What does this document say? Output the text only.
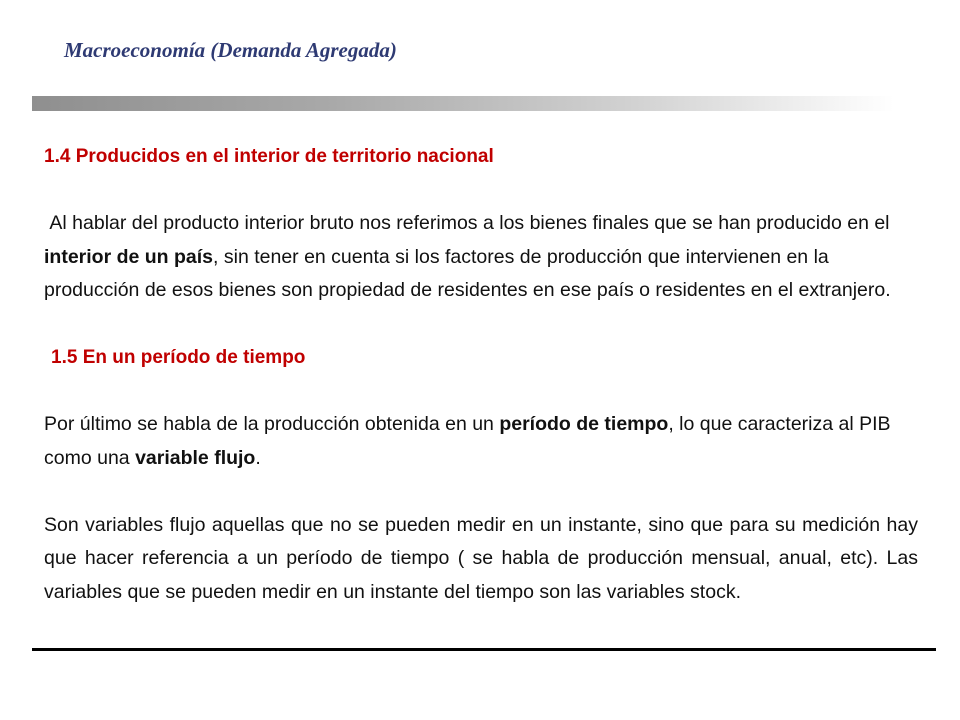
Macroeconomía (Demanda Agregada)
1.4 Producidos en el interior de territorio nacional

Al hablar del producto interior bruto nos referimos a los bienes finales que se han producido en el interior de un país, sin tener en cuenta si los factores de producción que intervienen en la producción de esos bienes son propiedad de residentes en ese país o residentes en el extranjero.

1.5 En un período de tiempo

Por último se habla de la producción obtenida en un período de tiempo, lo que caracteriza al PIB como una variable flujo.

Son variables flujo aquellas que no se pueden medir en un instante, sino que para su medición hay que hacer referencia a un período de tiempo ( se habla de producción mensual, anual, etc). Las variables que se pueden medir en un instante del tiempo son las variables stock.
